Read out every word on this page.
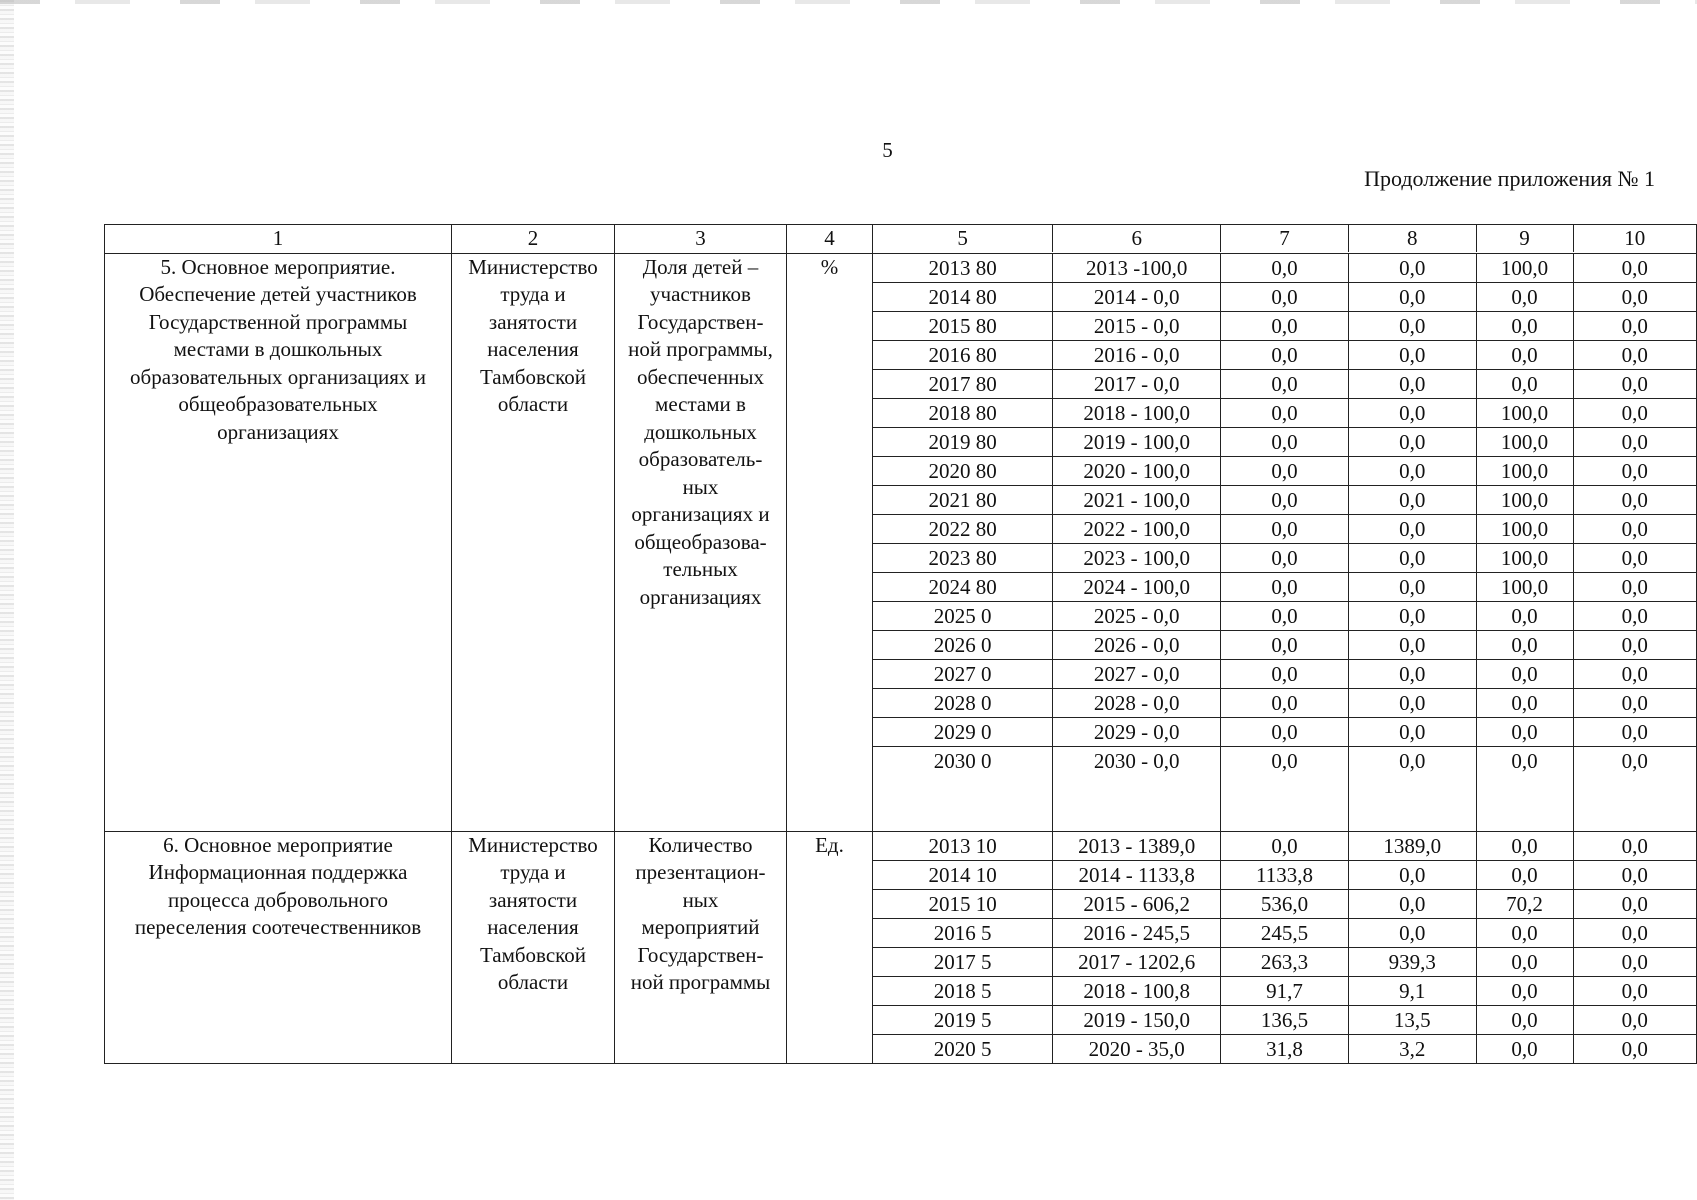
5
Продолжение приложения № 1
1	2	3	4		5	6	7	8	9	10

5. Основное мероприятие.
Обеспечение детей участников
Государственной программы
местами в дошкольных
образовательных организациях и
общеобразовательных
организациях

Министерство
труда и
занятости
населения
Тамбовской
области

Доля детей –
участников
Государствен-
ной программы,
обеспеченных
местами в
дошкольных
образователь-
ных
организациях и
общеобразова-
тельных
организациях
	%		2013 80	2013 -100,0	0,0	0,0	100,0	0,0
2014 80	2014 - 0,0	0,0	0,0	0,0	0,0
2015 80	2015 - 0,0	0,0	0,0	0,0	0,0
2016 80	2016 - 0,0	0,0	0,0	0,0	0,0
2017 80	2017 - 0,0	0,0	0,0	0,0	0,0
2018 80	2018 - 100,0	0,0	0,0	100,0	0,0
2019 80	2019 - 100,0	0,0	0,0	100,0	0,0
2020 80	2020 - 100,0	0,0	0,0	100,0	0,0
2021 80	2021 - 100,0	0,0	0,0	100,0	0,0
2022 80	2022 - 100,0	0,0	0,0	100,0	0,0
2023 80	2023 - 100,0	0,0	0,0	100,0	0,0
2024 80	2024 - 100,0	0,0	0,0	100,0	0,0
2025 0	2025 - 0,0	0,0	0,0	0,0	0,0
2026 0	2026 - 0,0	0,0	0,0	0,0	0,0
2027 0	2027 - 0,0	0,0	0,0	0,0	0,0
2028 0	2028 - 0,0	0,0	0,0	0,0	0,0
2029 0	2029 - 0,0	0,0	0,0	0,0	0,0
2030 0	2030 - 0,0	0,0	0,0	0,0	0,0

6. Основное мероприятие
Информационная поддержка
процесса добровольного
переселения соотечественников

Министерство
труда и
занятости
населения
Тамбовской
области

Количество
презентацион-
ных
мероприятий
Государствен-
ной программы
	Ед.		2013 10	2013 - 1389,0	0,0	1389,0	0,0	0,0
2014 10	2014 - 1133,8	1133,8	0,0	0,0	0,0
2015 10	2015 - 606,2	536,0	0,0	70,2	0,0
2016 5	2016 - 245,5	245,5	0,0	0,0	0,0
2017 5	2017 - 1202,6	263,3	939,3	0,0	0,0
2018 5	2018 - 100,8	91,7	9,1	0,0	0,0
2019 5	2019 - 150,0	136,5	13,5	0,0	0,0
2020 5	2020 - 35,0	31,8	3,2	0,0	0,0
